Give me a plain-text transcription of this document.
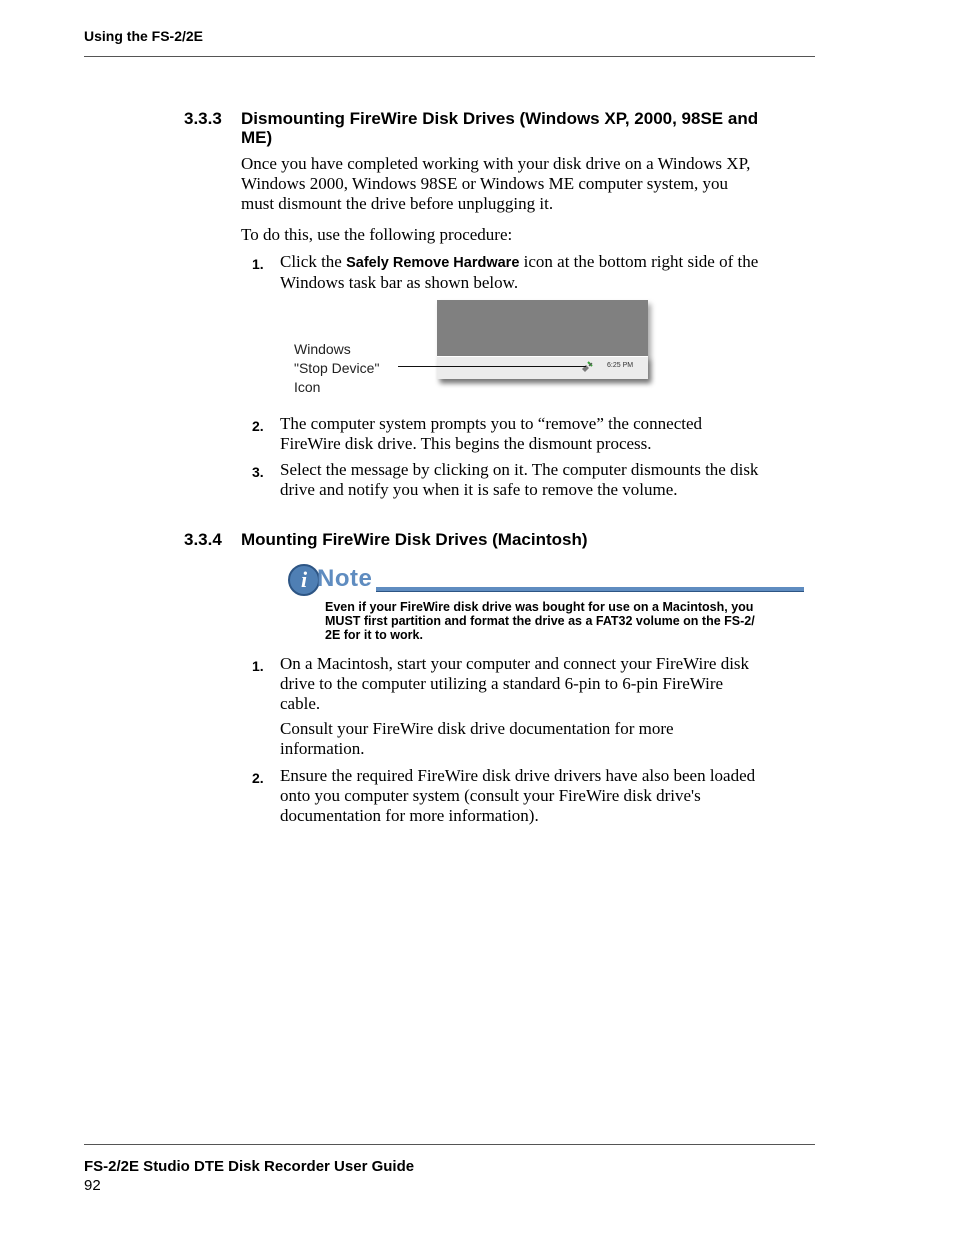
Using the FS-2/2E
3.3.3	Dismounting FireWire Disk Drives (Windows XP, 2000, 98SE and
ME)
Once you have completed working with your disk drive on a Windows XP,
Windows 2000, Windows 98SE or Windows ME computer system, you
must dismount the drive before unplugging it.
To do this, use the following procedure:
1. Click the Safely Remove Hardware icon at the bottom right side of the
Windows task bar as shown below.
6:25 PM
Windows
"Stop Device"
Icon
2. The computer system prompts you to “remove” the connected
FireWire disk drive. This begins the dismount process.
3. Select the message by clicking on it. The computer dismounts the disk
drive and notify you when it is safe to remove the volume.
3.3.4	Mounting FireWire Disk Drives (Macintosh)
i Note
Even if your FireWire disk drive was bought for use on a Macintosh, you
MUST first partition and format the drive as a FAT32 volume on the FS-2/
2E for it to work.
1. On a Macintosh, start your computer and connect your FireWire disk
drive to the computer utilizing a standard 6-pin to 6-pin FireWire
cable.
Consult your FireWire disk drive documentation for more
information.
2. Ensure the required FireWire disk drive drivers have also been loaded
onto you computer system (consult your FireWire disk drive's
documentation for more information).
FS-2/2E Studio DTE Disk Recorder User Guide
92
